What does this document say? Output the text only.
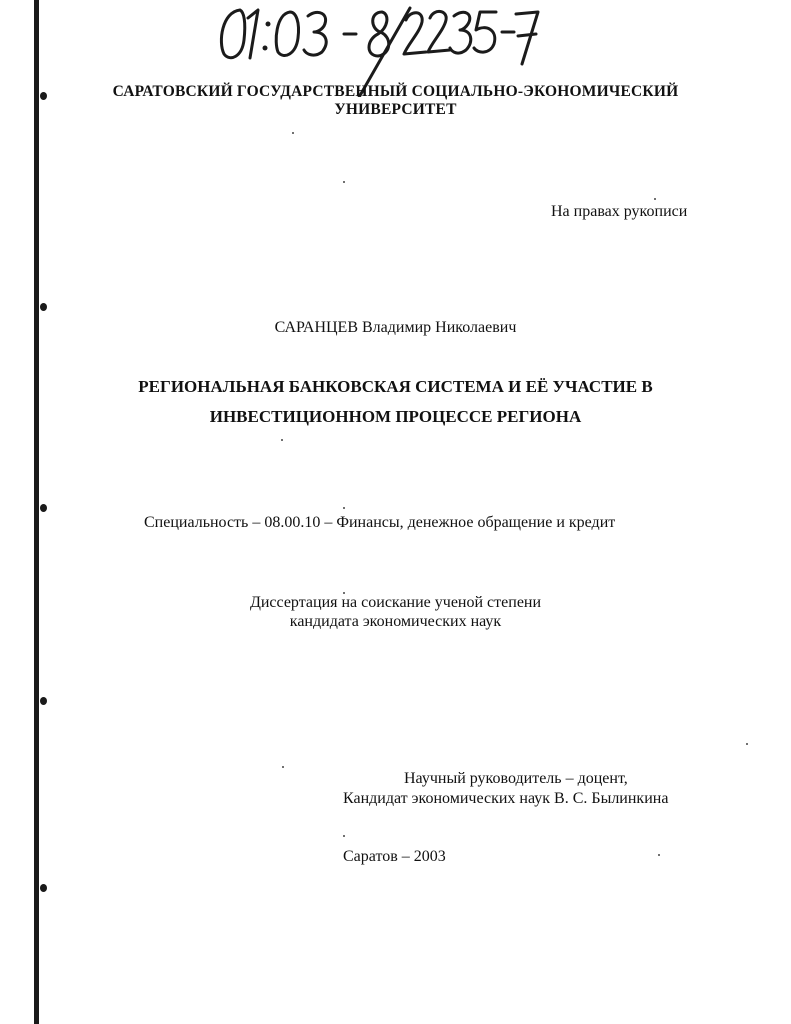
САРАТОВСКИЙ ГОСУДАРСТВЕННЫЙ СОЦИАЛЬНО-ЭКОНОМИЧЕСКИЙ
УНИВЕРСИТЕТ
На правах рукописи
САРАНЦЕВ Владимир Николаевич
РЕГИОНАЛЬНАЯ БАНКОВСКАЯ СИСТЕМА И ЕЁ УЧАСТИЕ В
ИНВЕСТИЦИОННОМ ПРОЦЕССЕ РЕГИОНА
Специальность – 08.00.10 – Финансы, денежное обращение и кредит
Диссертация на соискание ученой степени
кандидата экономических наук
Научный руководитель – доцент,
Кандидат экономических наук В. С. Былинкина
Саратов – 2003
